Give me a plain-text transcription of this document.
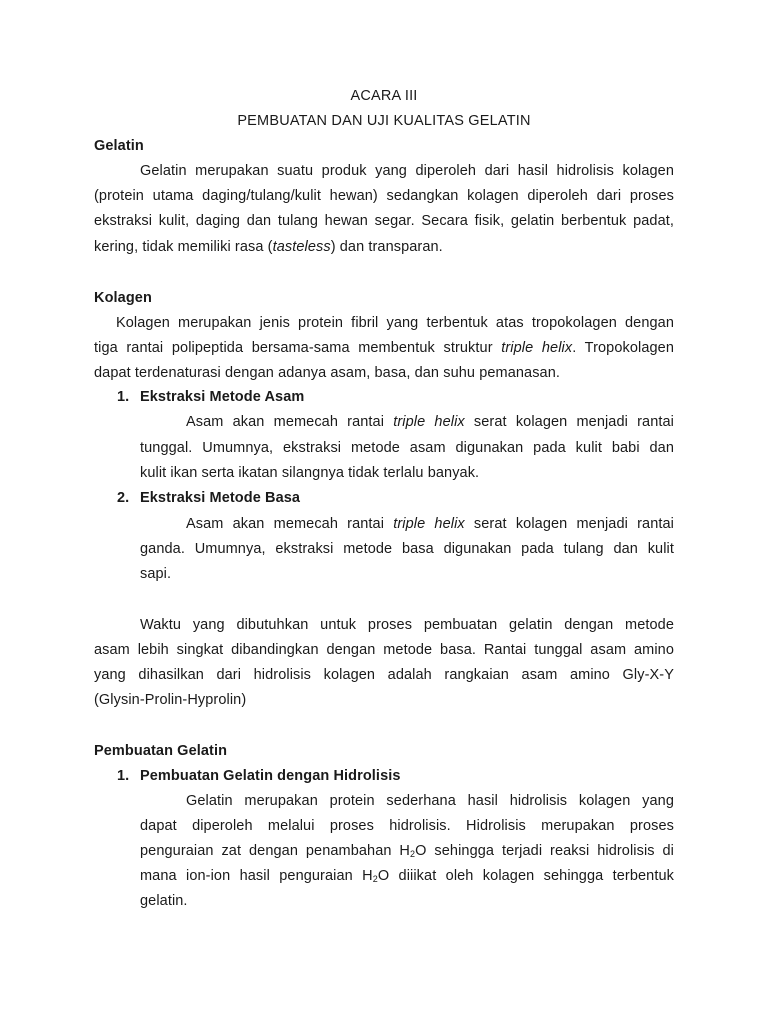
ACARA III
PEMBUATAN DAN UJI KUALITAS GELATIN
Gelatin
Gelatin merupakan suatu produk yang diperoleh dari hasil hidrolisis kolagen
(protein utama daging/tulang/kulit hewan) sedangkan kolagen diperoleh dari proses
ekstraksi kulit, daging dan tulang hewan segar. Secara fisik, gelatin berbentuk padat,
kering, tidak memiliki rasa (tasteless) dan transparan.
Kolagen
Kolagen merupakan jenis protein fibril yang terbentuk atas tropokolagen dengan
tiga rantai polipeptida bersama-sama membentuk struktur triple helix. Tropokolagen
dapat terdenaturasi dengan adanya asam, basa, dan suhu pemanasan.
1. Ekstraksi Metode Asam
Asam akan memecah rantai triple helix serat kolagen menjadi rantai
tunggal. Umumnya, ekstraksi metode asam digunakan pada kulit babi dan
kulit ikan serta ikatan silangnya tidak terlalu banyak.
2. Ekstraksi Metode Basa
Asam akan memecah rantai triple helix serat kolagen menjadi rantai
ganda. Umumnya, ekstraksi metode basa digunakan pada tulang dan kulit
sapi.
Waktu yang dibutuhkan untuk proses pembuatan gelatin dengan metode
asam lebih singkat dibandingkan dengan metode basa. Rantai tunggal asam amino
yang dihasilkan dari hidrolisis kolagen adalah rangkaian asam amino Gly-X-Y
(Glysin-Prolin-Hyprolin)
Pembuatan Gelatin
1. Pembuatan Gelatin dengan Hidrolisis
Gelatin merupakan protein sederhana hasil hidrolisis kolagen yang
dapat diperoleh melalui proses hidrolisis. Hidrolisis merupakan proses
penguraian zat dengan penambahan $H_2O$ sehingga terjadi reaksi hidrolisis di
mana ion-ion hasil penguraian $H_2O$ diiikat oleh kolagen sehingga terbentuk
gelatin.
